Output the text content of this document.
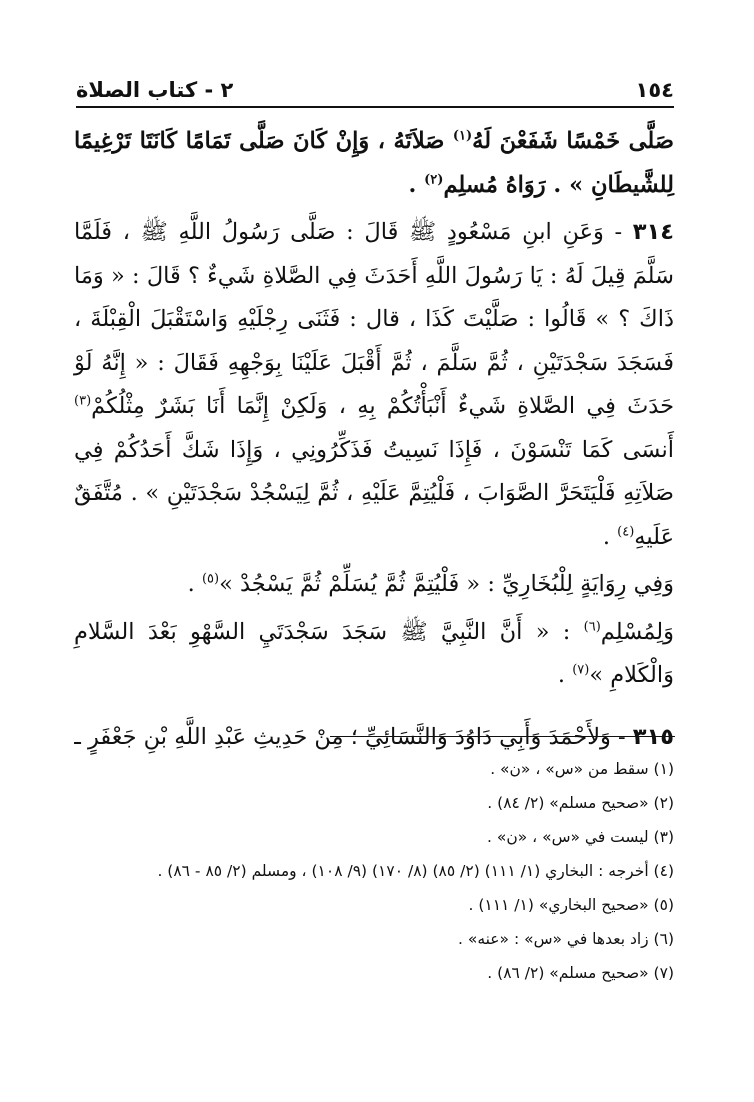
١٥٤
٢ - كتاب الصلاة

صَلَّى خَمْسًا شَفَعْنَ لَهُ$^{(١)}$ صَلاَتَهُ ، وَإِنْ كَانَ صَلَّى تَمَامًا كَانَتَا تَرْغِيمًا لِلشَّيطَانِ » . رَوَاهُ مُسلِم$^{(٢)}$ .

٣١٤ - وَعَنِ ابنِ مَسْعُودٍ ﷺ قَالَ : صَلَّى رَسُولُ اللَّهِ ﷺ ، فَلَمَّا سَلَّمَ قِيلَ لَهُ : يَا رَسُولَ اللَّهِ أَحَدَثَ فِي الصَّلاةِ شَيءٌ ؟ قَالَ : « وَمَا ذَاكَ ؟ » قَالُوا : صَلَّيْتَ كَذَا ، قال : فَثَنَى رِجْلَيْهِ وَاسْتَقْبَلَ الْقِبْلَةَ ، فَسَجَدَ سَجْدَتَيْنِ ، ثُمَّ سَلَّمَ ، ثُمَّ أَقْبَلَ عَلَيْنَا بِوَجْهِهِ فَقَالَ : « إِنَّهُ لَوْ حَدَثَ فِي الصَّلاةِ شَيءٌ أَنْبَأْتُكُمْ بِهِ ، وَلَكِنْ إِنَّمَا أَنَا بَشَرٌ مِثْلُكُمْ$^{(٣)}$ أَنسَى كَمَا تَنْسَوْنَ ، فَإِذَا نَسِيتُ فَذَكِّرُونِي ، وَإِذَا شَكَّ أَحَدُكُمْ فِي صَلاَتِهِ فَلْيَتَحَرَّ الصَّوَابَ ، فَلْيُتِمَّ عَلَيْهِ ، ثُمَّ لِيَسْجُدْ سَجْدَتَيْنِ » . مُتَّفَقٌ عَلَيهِ$^{(٤)}$ .

وَفِي رِوَايَةٍ لِلْبُخَارِيِّ : « فَلْيُتِمَّ ثُمَّ يُسَلِّمْ ثُمَّ يَسْجُدْ »$^{(٥)}$ .

وَلِمُسْلِم$^{(٦)}$ : « أَنَّ النَّبِيَّ ﷺ سَجَدَ سَجْدَتَيِ السَّهْوِ بَعْدَ السَّلامِ وَالْكَلامِ »$^{(٧)}$ .

٣١٥ - وَلأَحْمَدَ وَأَبِي دَاوُدَ وَالنَّسَائِيِّ ؛ مِنْ حَدِيثِ عَبْدِ اللَّهِ بْنِ جَعْفَرٍ ـ

(١) سقط من «س» ، «ن» .
(٢) «صحيح مسلم» (٢/ ٨٤) .
(٣) ليست في «س» ، «ن» .
(٤) أخرجه : البخاري (١/ ١١١) (٢/ ٨٥) (٨/ ١٧٠) (٩/ ١٠٨) ، ومسلم (٢/ ٨٥ - ٨٦) .
(٥) «صحيح البخاري» (١/ ١١١) .
(٦) زاد بعدها في «س» : «عنه» .
(٧) «صحيح مسلم» (٢/ ٨٦) .
